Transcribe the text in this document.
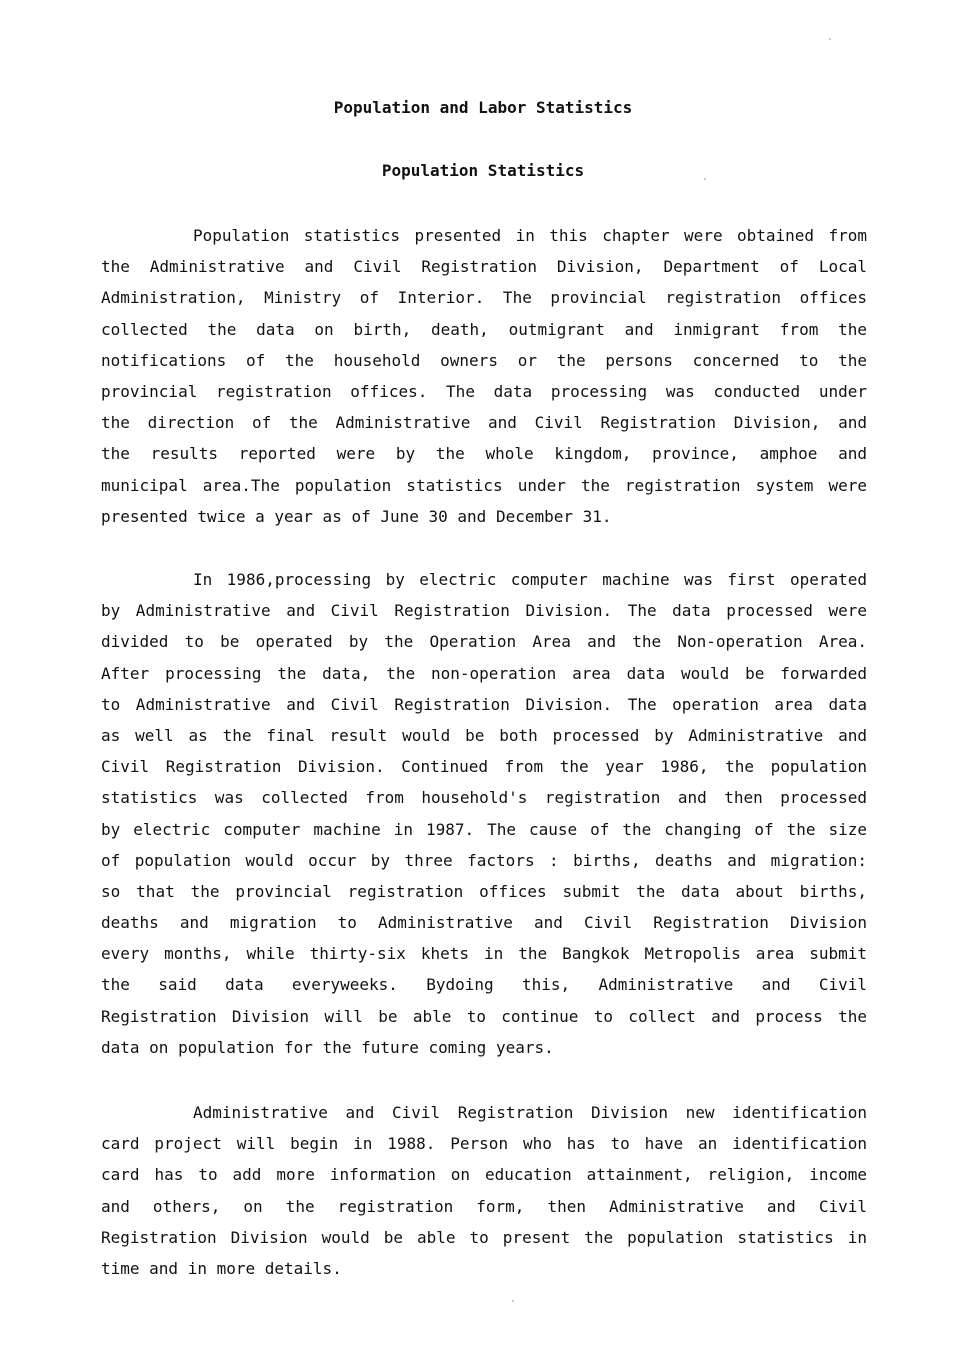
Population and Labor Statistics
Population Statistics
Population statistics presented in this chapter were obtained from
the Administrative and Civil Registration Division, Department of Local
Administration, Ministry of Interior. The provincial registration offices
collected the data on birth, death, outmigrant and inmigrant from the
notifications of the household owners or the persons concerned to the
provincial registration offices. The data processing was conducted under
the direction of the Administrative and Civil Registration Division, and
the results reported were by the whole kingdom, province, amphoe and
municipal area.The population statistics under the registration system were
presented twice a year as of June 30 and December 31.
In 1986,processing by electric computer machine was first operated
by Administrative and Civil Registration Division. The data processed were
divided to be operated by the Operation Area and the Non-operation Area.
After processing the data, the non-operation area data would be forwarded
to Administrative and Civil Registration Division. The operation area data
as well as the final result would be both processed by Administrative and
Civil Registration Division. Continued from the year 1986, the population
statistics was collected from household's registration and then processed
by electric computer machine in 1987. The cause of the changing of the size
of population would occur by three factors : births, deaths and migration:
so that the provincial registration offices submit the data about births,
deaths and migration to Administrative and Civil Registration Division
every months, while thirty-six khets in the Bangkok Metropolis area submit
the said data everyweeks. Bydoing this, Administrative and Civil
Registration Division will be able to continue to collect and process the
data on population for the future coming years.
Administrative and Civil Registration Division new identification
card project will begin in 1988. Person who has to have an identification
card has to add more information on education attainment, religion, income
and others, on the registration form, then Administrative and Civil
Registration Division would be able to present the population statistics in
time and in more details.
